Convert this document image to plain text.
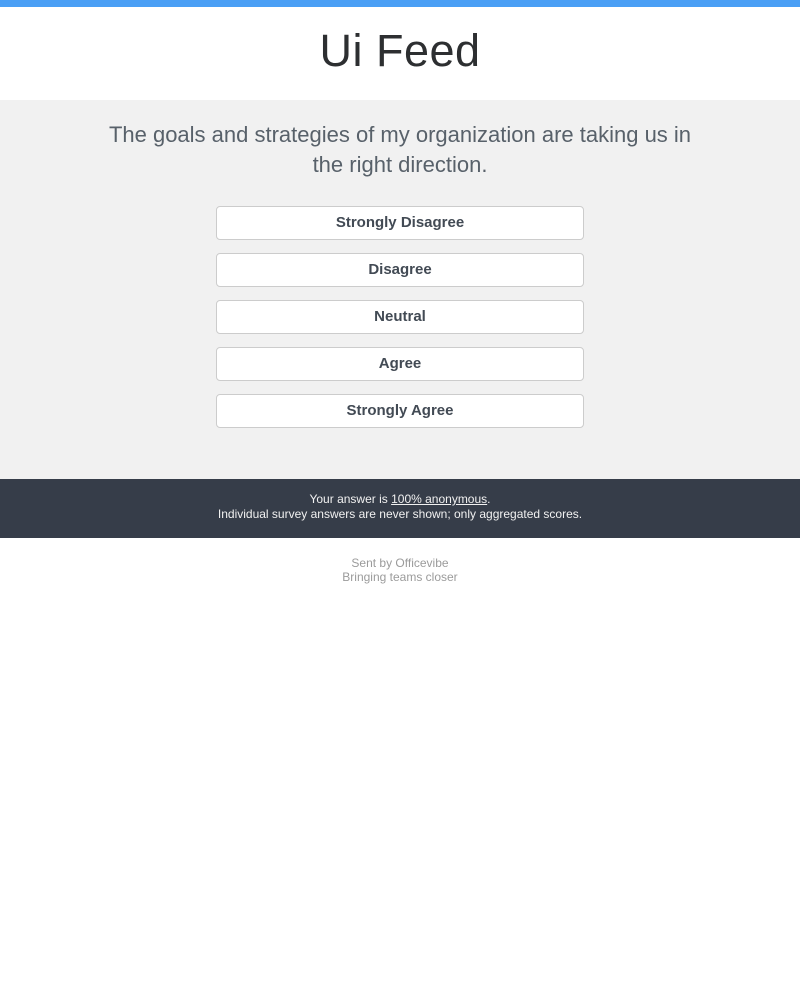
Ui Feed
The goals and strategies of my organization are taking us in the right direction.
Strongly Disagree
Disagree
Neutral
Agree
Strongly Agree
Your answer is 100% anonymous.
Individual survey answers are never shown; only aggregated scores.
Sent by Officevibe
Bringing teams closer
